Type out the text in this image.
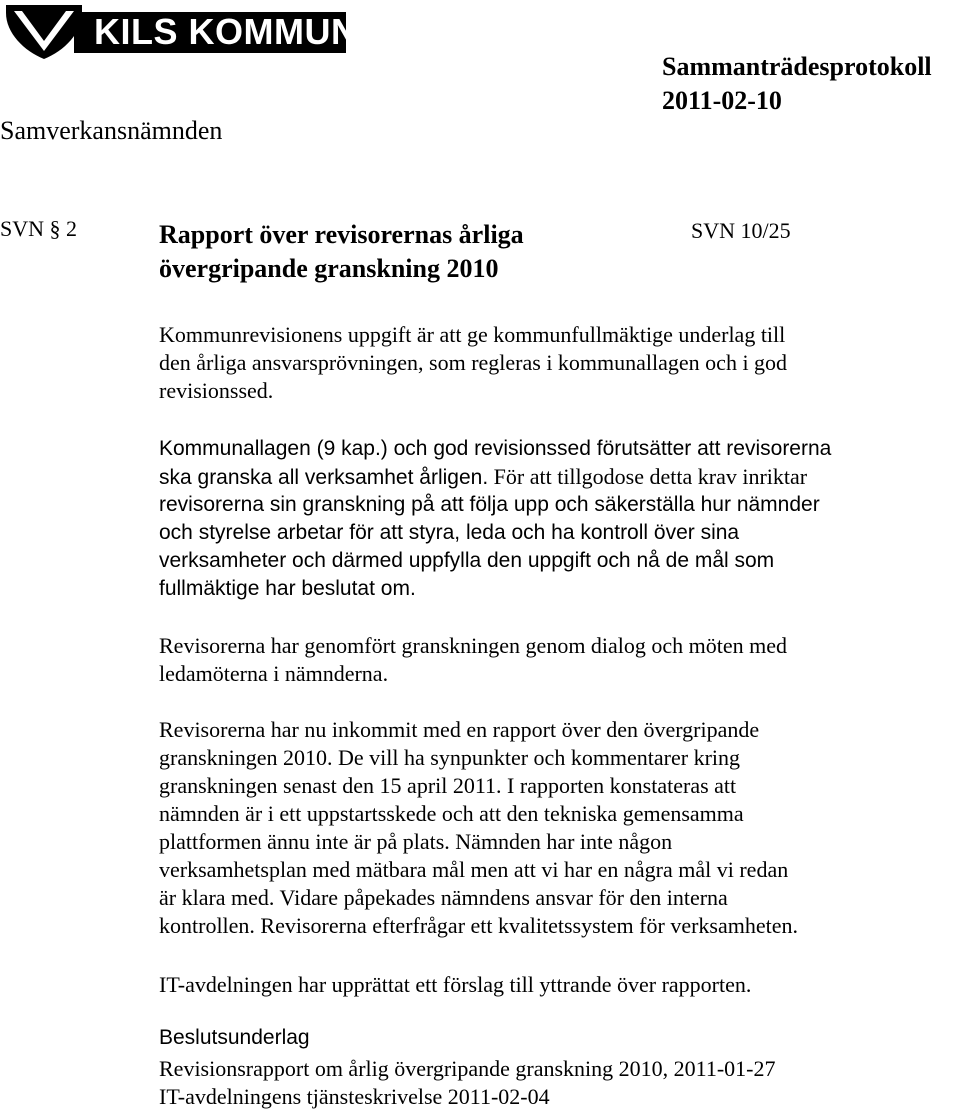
KILS KOMMUN
Sammanträdesprotokoll
2011-02-10
Samverkansnämnden
SVN § 2	Rapport över revisorernas årliga
övergripande granskning 2010
SVN 10/25
Kommunrevisionens uppgift är att ge kommunfullmäktige underlag till
den årliga ansvarsprövningen, som regleras i kommunallagen och i god
revisionssed.
Kommunallagen (9 kap.) och god revisionssed förutsätter att revisorerna
ska granska all verksamhet årligen. För att tillgodose detta krav inriktar
revisorerna sin granskning på att följa upp och säkerställa hur nämnder
och styrelse arbetar för att styra, leda och ha kontroll över sina
verksamheter och därmed uppfylla den uppgift och nå de mål som
fullmäktige har beslutat om.
Revisorerna har genomfört granskningen genom dialog och möten med
ledamöterna i nämnderna.
Revisorerna har nu inkommit med en rapport över den övergripande
granskningen 2010. De vill ha synpunkter och kommentarer kring
granskningen senast den 15 april 2011. I rapporten konstateras att
nämnden är i ett uppstartsskede och att den tekniska gemensamma
plattformen ännu inte är på plats. Nämnden har inte någon
verksamhetsplan med mätbara mål men att vi har en några mål vi redan
är klara med. Vidare påpekades nämndens ansvar för den interna
kontrollen. Revisorerna efterfrågar ett kvalitetssystem för verksamheten.
IT-avdelningen har upprättat ett förslag till yttrande över rapporten.
Beslutsunderlag
Revisionsrapport om årlig övergripande granskning 2010, 2011-01-27
IT-avdelningens tjänsteskrivelse 2011-02-04
